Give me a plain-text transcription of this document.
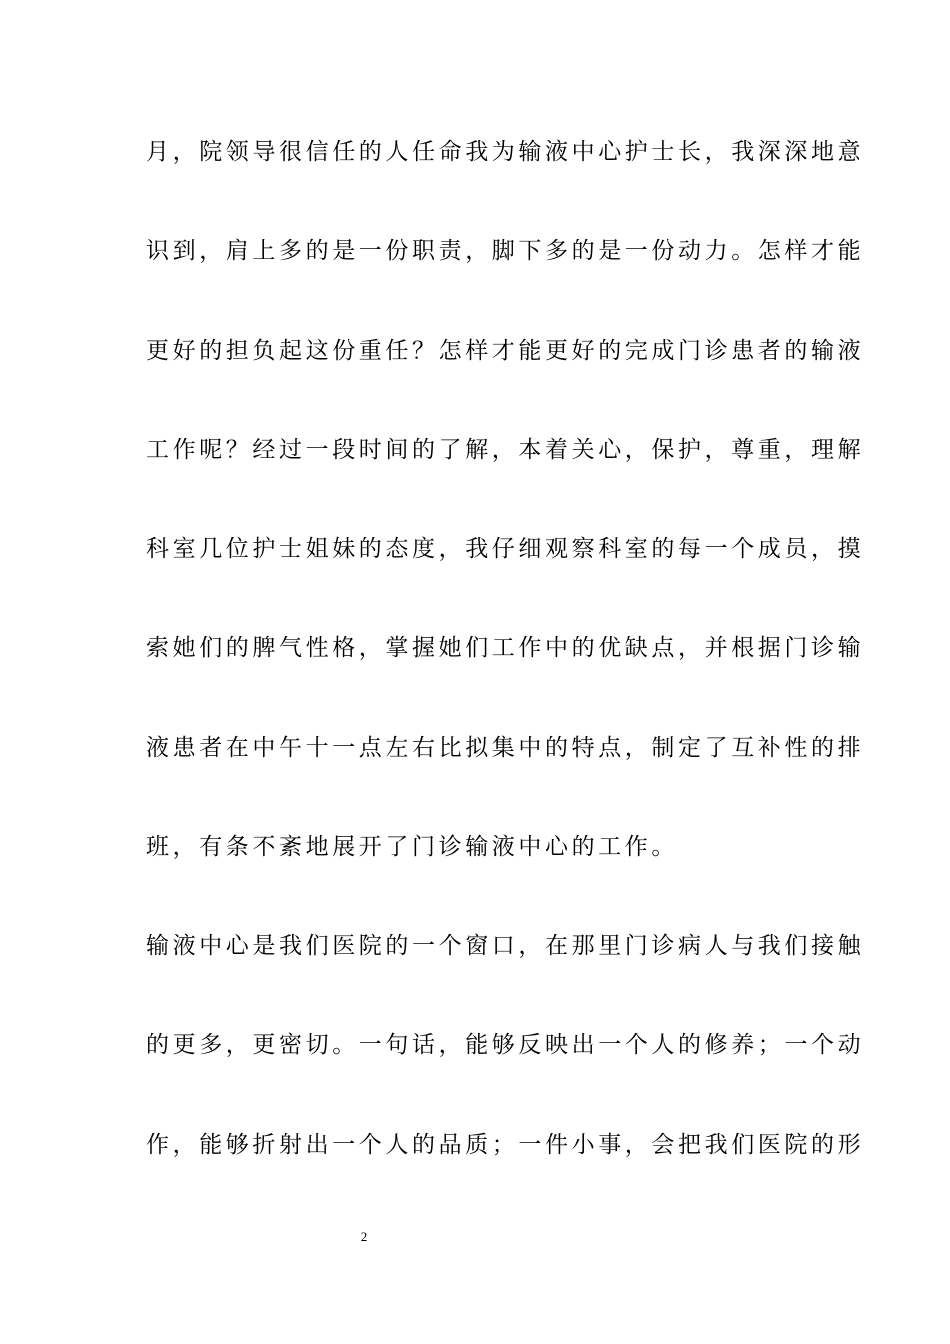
月，院领导很信任的人任命我为输液中心护士长，我深深地意
识到，肩上多的是一份职责，脚下多的是一份动力。怎样才能
更好的担负起这份重任？怎样才能更好的完成门诊患者的输液
工作呢？经过一段时间的了解，本着关心，保护，尊重，理解
科室几位护士姐妹的态度，我仔细观察科室的每一个成员，摸
索她们的脾气性格，掌握她们工作中的优缺点，并根据门诊输
液患者在中午十一点左右比拟集中的特点，制定了互补性的排
班，有条不紊地展开了门诊输液中心的工作。
输液中心是我们医院的一个窗口，在那里门诊病人与我们接触
的更多，更密切。一句话，能够反映出一个人的修养；一个动
作，能够折射出一个人的品质；一件小事，会把我们医院的形
2
